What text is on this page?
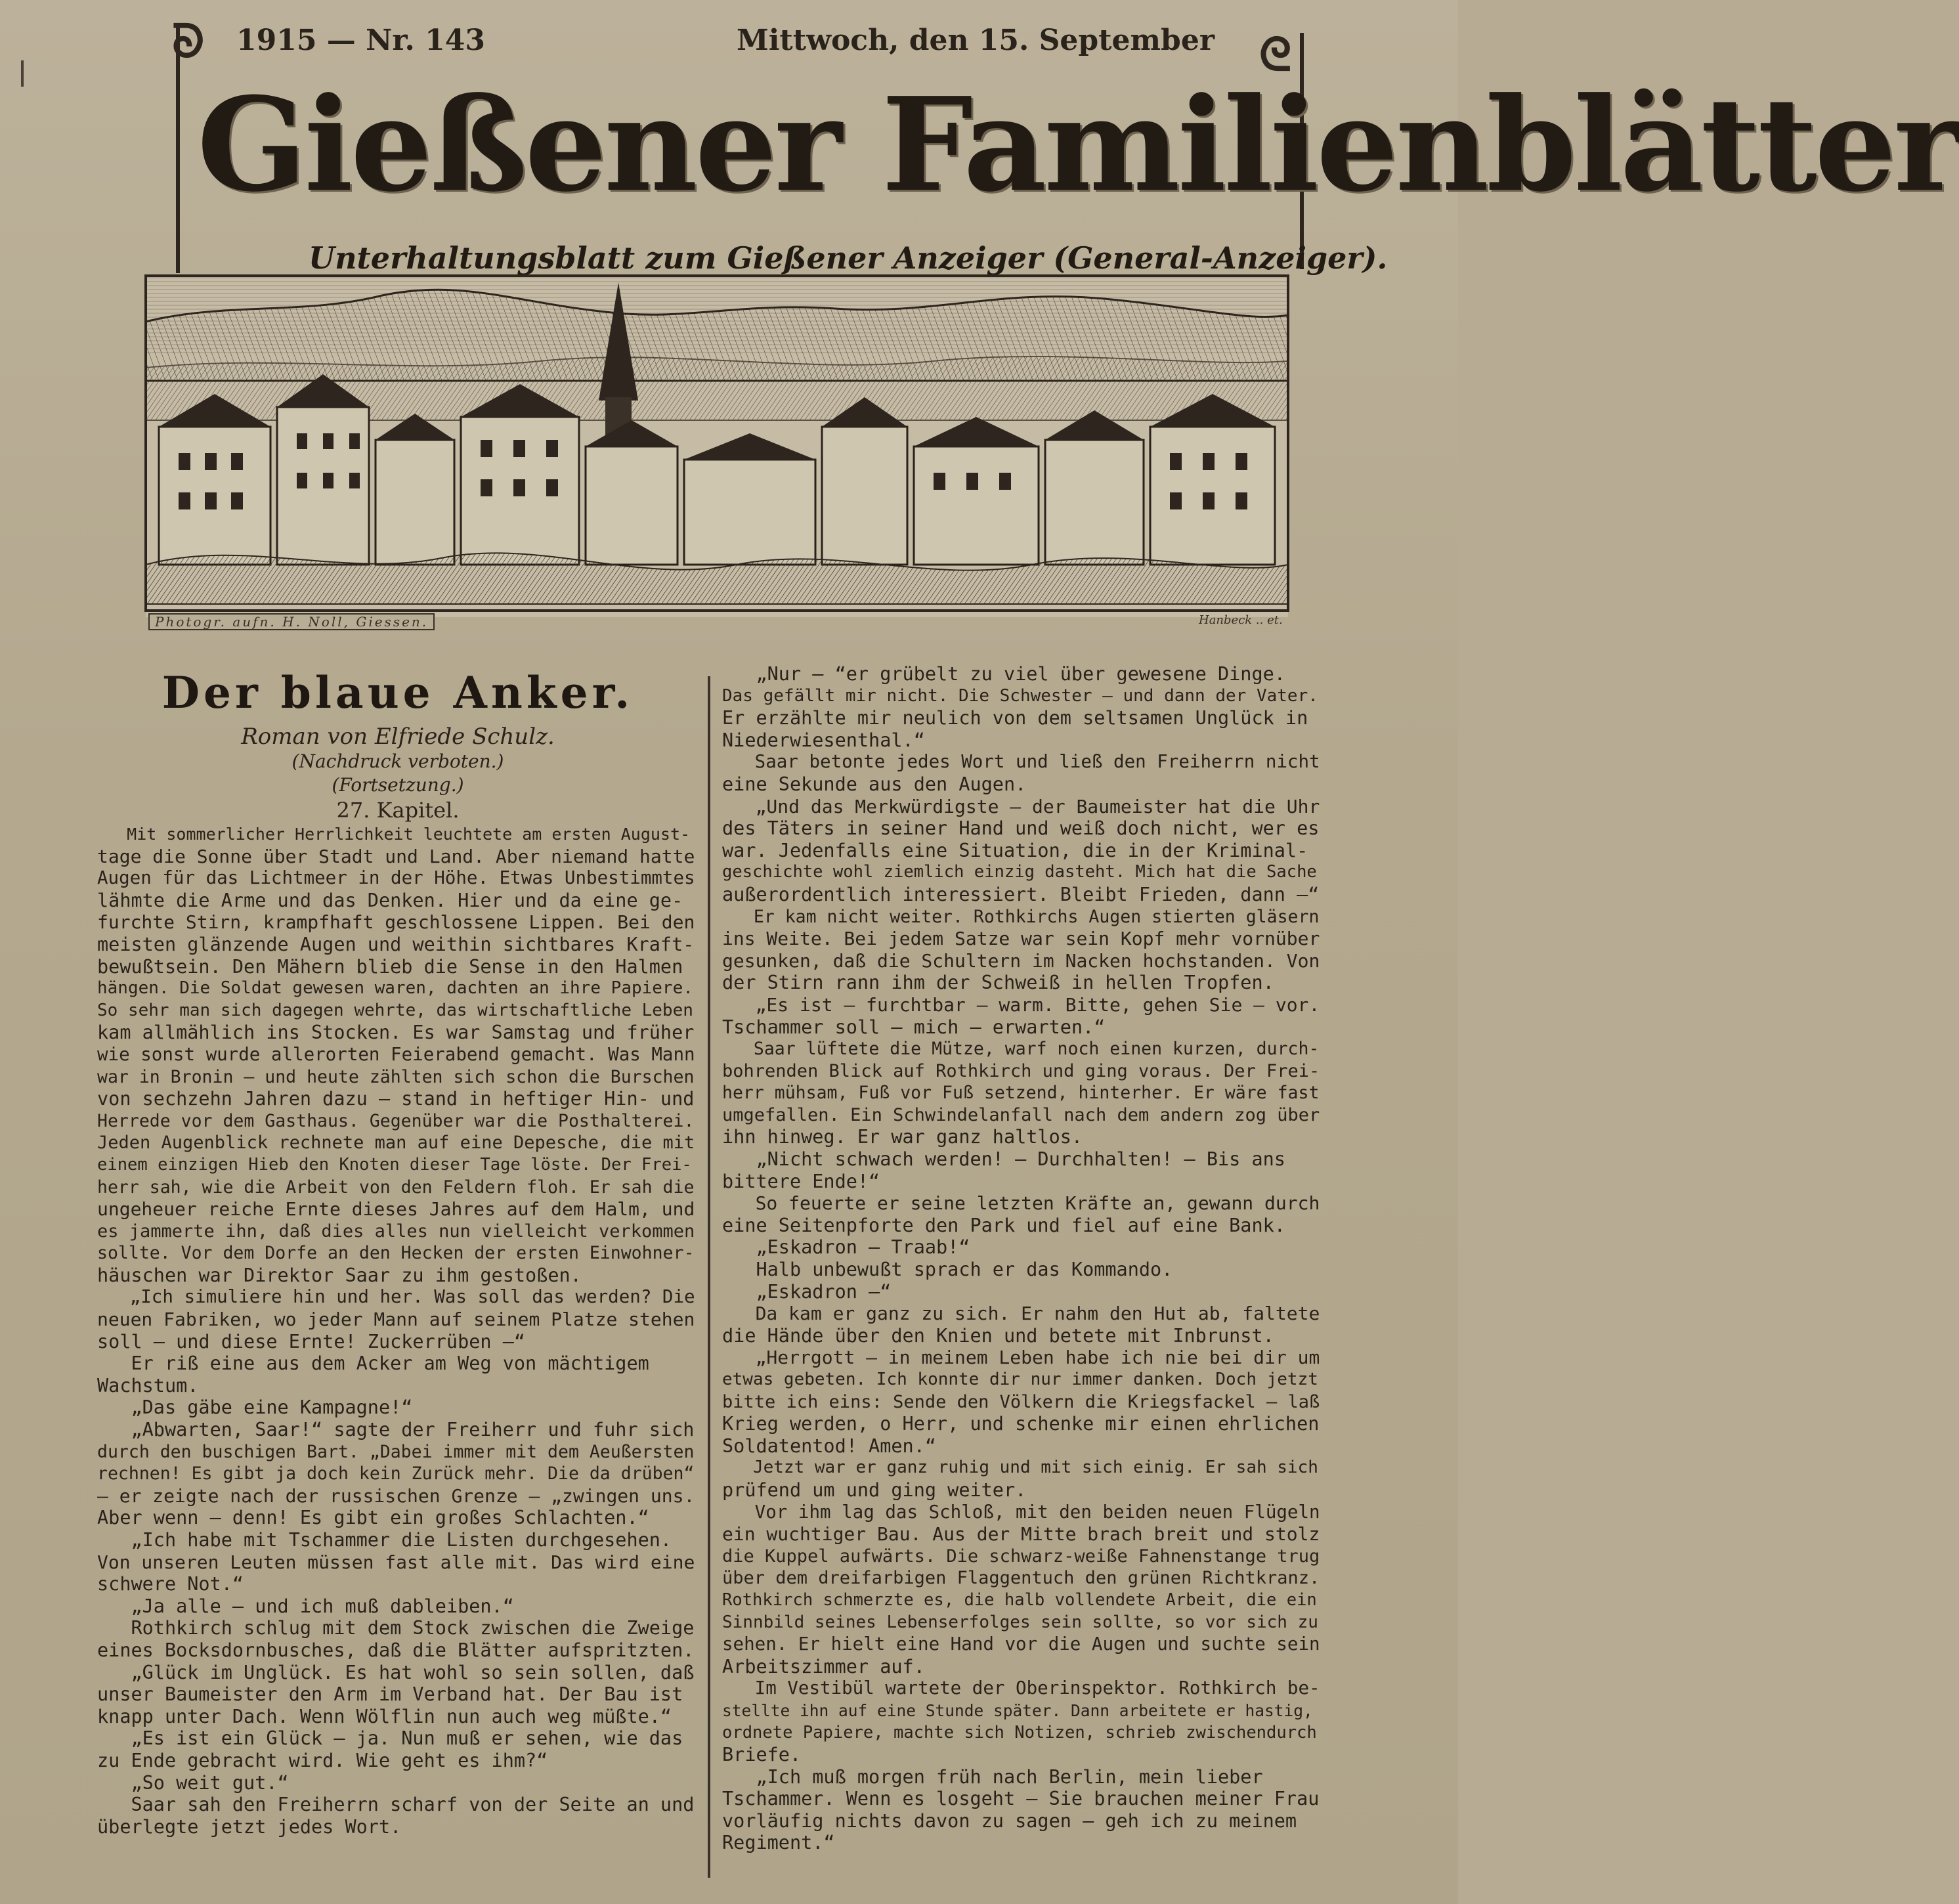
1915 — Nr. 143	Mittwoch, den 15. September
ᘐ	ᘓ
Gießener Familienblätter
Unterhaltungsblatt zum Gießener Anzeiger (General-Anzeiger).
Photogr. aufn. H. Noll, Giessen.	Hanbeck .. et.
Der blaue Anker.
Roman von Elfriede Schulz.
(Nachdruck verboten.)
(Fortsetzung.)
27. Kapitel.
Mit sommerlicher Herrlichkeit leuchtete am ersten August-
tage die Sonne über Stadt und Land. Aber niemand hatte
Augen für das Lichtmeer in der Höhe. Etwas Unbestimmtes
lähmte die Arme und das Denken. Hier und da eine ge-
furchte Stirn, krampfhaft geschlossene Lippen. Bei den
meisten glänzende Augen und weithin sichtbares Kraft-
bewußtsein. Den Mähern blieb die Sense in den Halmen
hängen. Die Soldat gewesen waren, dachten an ihre Papiere.
So sehr man sich dagegen wehrte, das wirtschaftliche Leben
kam allmählich ins Stocken. Es war Samstag und früher
wie sonst wurde allerorten Feierabend gemacht. Was Mann
war in Bronin — und heute zählten sich schon die Burschen
von sechzehn Jahren dazu — stand in heftiger Hin- und
Herrede vor dem Gasthaus. Gegenüber war die Posthalterei.
Jeden Augenblick rechnete man auf eine Depesche, die mit
einem einzigen Hieb den Knoten dieser Tage löste. Der Frei-
herr sah, wie die Arbeit von den Feldern floh. Er sah die
ungeheuer reiche Ernte dieses Jahres auf dem Halm, und
es jammerte ihn, daß dies alles nun vielleicht verkommen
sollte. Vor dem Dorfe an den Hecken der ersten Einwohner-
häuschen war Direktor Saar zu ihm gestoßen.
„Ich simuliere hin und her. Was soll das werden? Die
neuen Fabriken, wo jeder Mann auf seinem Platze stehen
soll — und diese Ernte! Zuckerrüben —“
Er riß eine aus dem Acker am Weg von mächtigem
Wachstum.
„Das gäbe eine Kampagne!“
„Abwarten, Saar!“ sagte der Freiherr und fuhr sich
durch den buschigen Bart. „Dabei immer mit dem Aeußersten
rechnen! Es gibt ja doch kein Zurück mehr. Die da drüben“
— er zeigte nach der russischen Grenze — „zwingen uns.
Aber wenn — denn! Es gibt ein großes Schlachten.“
„Ich habe mit Tschammer die Listen durchgesehen.
Von unseren Leuten müssen fast alle mit. Das wird eine
schwere Not.“
„Ja alle — und ich muß dableiben.“
Rothkirch schlug mit dem Stock zwischen die Zweige
eines Bocksdornbusches, daß die Blätter aufspritzten.
„Glück im Unglück. Es hat wohl so sein sollen, daß
unser Baumeister den Arm im Verband hat. Der Bau ist
knapp unter Dach. Wenn Wölflin nun auch weg müßte.“
„Es ist ein Glück — ja. Nun muß er sehen, wie das
zu Ende gebracht wird. Wie geht es ihm?“
„So weit gut.“
Saar sah den Freiherrn scharf von der Seite an und
überlegte jetzt jedes Wort.
„Nur — “er grübelt zu viel über gewesene Dinge.
Das gefällt mir nicht. Die Schwester — und dann der Vater.
Er erzählte mir neulich von dem seltsamen Unglück in
Niederwiesenthal.“
Saar betonte jedes Wort und ließ den Freiherrn nicht
eine Sekunde aus den Augen.
„Und das Merkwürdigste — der Baumeister hat die Uhr
des Täters in seiner Hand und weiß doch nicht, wer es
war. Jedenfalls eine Situation, die in der Kriminal-
geschichte wohl ziemlich einzig dasteht. Mich hat die Sache
außerordentlich interessiert. Bleibt Frieden, dann —“
Er kam nicht weiter. Rothkirchs Augen stierten gläsern
ins Weite. Bei jedem Satze war sein Kopf mehr vornüber
gesunken, daß die Schultern im Nacken hochstanden. Von
der Stirn rann ihm der Schweiß in hellen Tropfen.
„Es ist — furchtbar — warm. Bitte, gehen Sie — vor.
Tschammer soll — mich — erwarten.“
Saar lüftete die Mütze, warf noch einen kurzen, durch-
bohrenden Blick auf Rothkirch und ging voraus. Der Frei-
herr mühsam, Fuß vor Fuß setzend, hinterher. Er wäre fast
umgefallen. Ein Schwindelanfall nach dem andern zog über
ihn hinweg. Er war ganz haltlos.
„Nicht schwach werden! — Durchhalten! — Bis ans
bittere Ende!“
So feuerte er seine letzten Kräfte an, gewann durch
eine Seitenpforte den Park und fiel auf eine Bank.
„Eskadron — Traab!“
Halb unbewußt sprach er das Kommando.
„Eskadron —“
Da kam er ganz zu sich. Er nahm den Hut ab, faltete
die Hände über den Knien und betete mit Inbrunst.
„Herrgott — in meinem Leben habe ich nie bei dir um
etwas gebeten. Ich konnte dir nur immer danken. Doch jetzt
bitte ich eins: Sende den Völkern die Kriegsfackel — laß
Krieg werden, o Herr, und schenke mir einen ehrlichen
Soldatentod! Amen.“
Jetzt war er ganz ruhig und mit sich einig. Er sah sich
prüfend um und ging weiter.
Vor ihm lag das Schloß, mit den beiden neuen Flügeln
ein wuchtiger Bau. Aus der Mitte brach breit und stolz
die Kuppel aufwärts. Die schwarz-weiße Fahnenstange trug
über dem dreifarbigen Flaggentuch den grünen Richtkranz.
Rothkirch schmerzte es, die halb vollendete Arbeit, die ein
Sinnbild seines Lebenserfolges sein sollte, so vor sich zu
sehen. Er hielt eine Hand vor die Augen und suchte sein
Arbeitszimmer auf.
Im Vestibül wartete der Oberinspektor. Rothkirch be-
stellte ihn auf eine Stunde später. Dann arbeitete er hastig,
ordnete Papiere, machte sich Notizen, schrieb zwischendurch
Briefe.
„Ich muß morgen früh nach Berlin, mein lieber
Tschammer. Wenn es losgeht — Sie brauchen meiner Frau
vorläufig nichts davon zu sagen — geh ich zu meinem
Regiment.“
